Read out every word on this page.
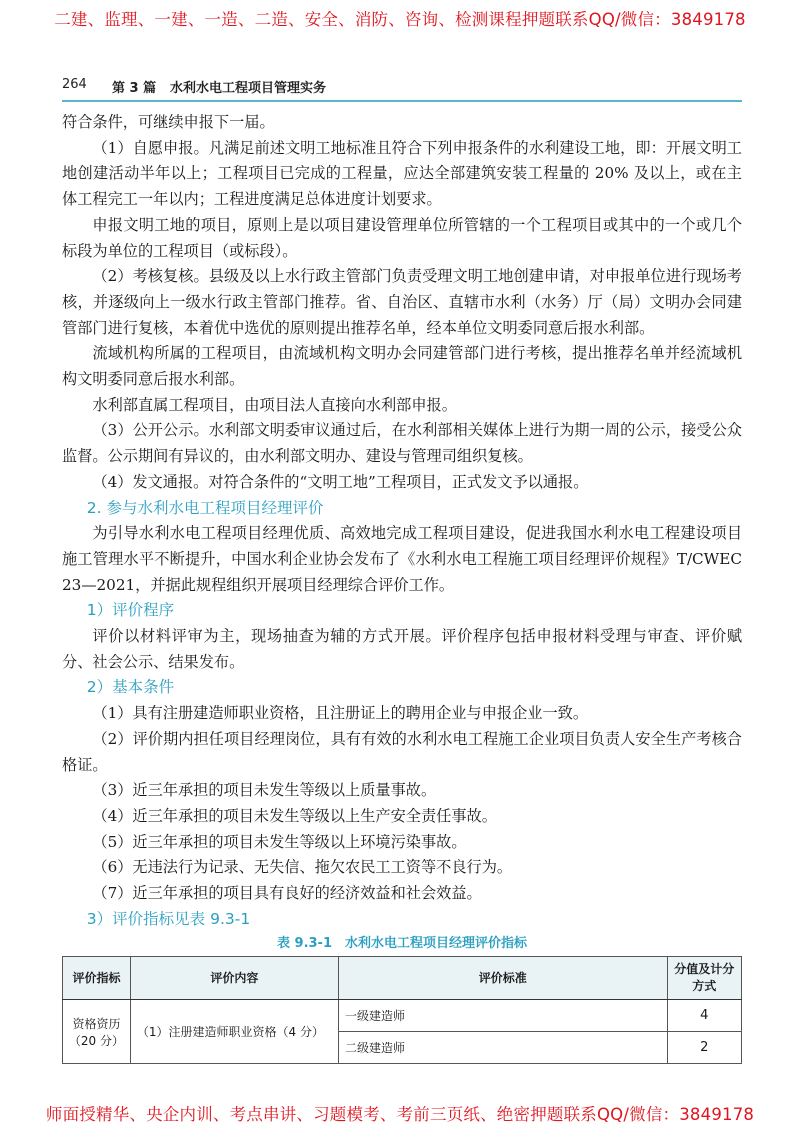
二建、监理、一建、一造、二造、安全、消防、咨询、检测课程押题联系QQ/微信：3849178
264 第 3 篇 水利水电工程项目管理实务

符合条件，可继续申报下一届。

（1）自愿申报。凡满足前述文明工地标准且符合下列申报条件的水利建设工地，即：开展文明工地创建活动半年以上；工程项目已完成的工程量，应达全部建筑安装工程量的 20% 及以上，或在主体工程完工一年以内；工程进度满足总体进度计划要求。

申报文明工地的项目，原则上是以项目建设管理单位所管辖的一个工程项目或其中的一个或几个标段为单位的工程项目（或标段）。

（2）考核复核。县级及以上水行政主管部门负责受理文明工地创建申请，对申报单位进行现场考核，并逐级向上一级水行政主管部门推荐。省、自治区、直辖市水利（水务）厅（局）文明办会同建管部门进行复核，本着优中选优的原则提出推荐名单，经本单位文明委同意后报水利部。

流域机构所属的工程项目，由流域机构文明办会同建管部门进行考核，提出推荐名单并经流域机构文明委同意后报水利部。

水利部直属工程项目，由项目法人直接向水利部申报。

（3）公开公示。水利部文明委审议通过后，在水利部相关媒体上进行为期一周的公示，接受公众监督。公示期间有异议的，由水利部文明办、建设与管理司组织复核。

（4）发文通报。对符合条件的“文明工地”工程项目，正式发文予以通报。

2. 参与水利水电工程项目经理评价

为引导水利水电工程项目经理优质、高效地完成工程项目建设，促进我国水利水电工程建设项目施工管理水平不断提升，中国水利企业协会发布了《水利水电工程施工项目经理评价规程》T/CWEC 23—2021，并据此规程组织开展项目经理综合评价工作。

1）评价程序

评价以材料评审为主，现场抽查为辅的方式开展。评价程序包括申报材料受理与审查、评价赋分、社会公示、结果发布。

2）基本条件

（1）具有注册建造师职业资格，且注册证上的聘用企业与申报企业一致。

（2）评价期内担任项目经理岗位，具有有效的水利水电工程施工企业项目负责人安全生产考核合格证。

（3）近三年承担的项目未发生等级以上质量事故。

（4）近三年承担的项目未发生等级以上生产安全责任事故。

（5）近三年承担的项目未发生等级以上环境污染事故。

（6）无违法行为记录、无失信、拖欠农民工工资等不良行为。

（7）近三年承担的项目具有良好的经济效益和社会效益。

3）评价指标见表 9.3-1
表 9.3-1　水利水电工程项目经理评价指标
评价指标	评价内容	评价标准	分值及计分方式
资格资历（20 分）	（1）注册建造师职业资格（4 分）	一级建造师	4
		二级建造师	2
师面授精华、央企内训、考点串讲、习题模考、考前三页纸、绝密押题联系QQ/微信：3849178
